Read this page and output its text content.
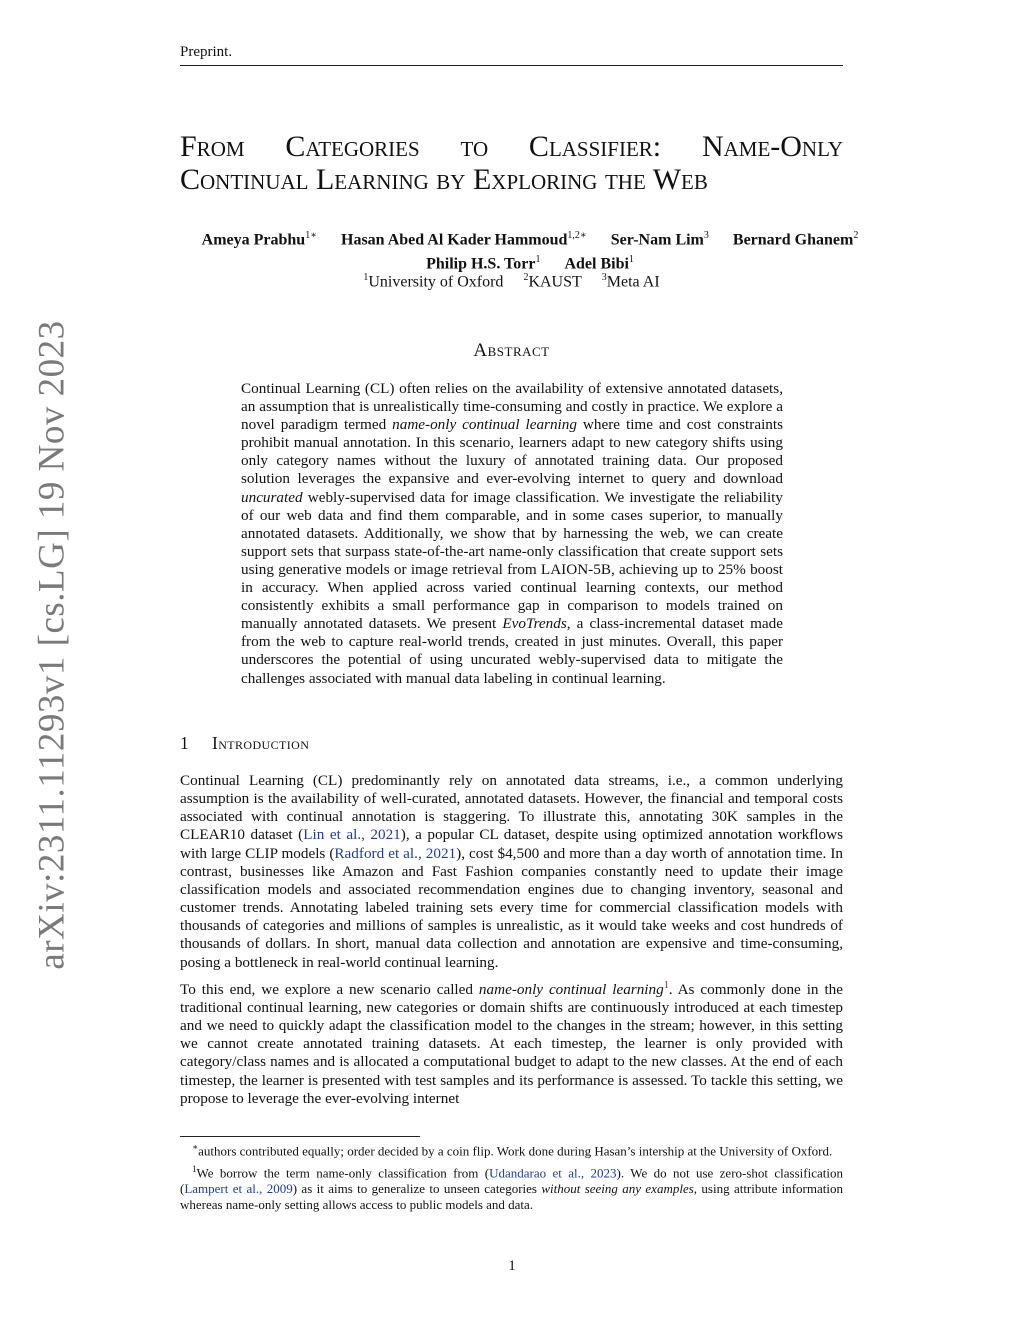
Preprint.
arXiv:2311.11293v1 [cs.LG] 19 Nov 2023
From Categories to Classifier: Name-Only
Continual Learning by Exploring the Web
Ameya Prabhu$^{1∗}$ Hasan Abed Al Kader Hammoud$^{1,2∗}$ Ser-Nam Lim$^3$ Bernard Ghanem$^2$
Philip H.S. Torr$^1$ Adel Bibi$^1$
$^1$University of Oxford $^2$KAUST $^3$Meta AI
Abstract
Continual Learning (CL) often relies on the availability of extensive annotated datasets, an assumption that is unrealistically time-consuming and costly in practice. We explore a novel paradigm termed name-only continual learning where time and cost constraints prohibit manual annotation. In this scenario, learners adapt to new category shifts using only category names without the luxury of annotated training data. Our proposed solution leverages the expansive and ever-evolving internet to query and download uncurated webly-supervised data for image classification. We investigate the reliability of our web data and find them comparable, and in some cases superior, to manually annotated datasets. Additionally, we show that by harnessing the web, we can create support sets that surpass state-of-the-art name-only classification that create support sets using generative models or image retrieval from LAION-5B, achieving up to 25% boost in accuracy. When applied across varied continual learning contexts, our method consistently exhibits a small performance gap in comparison to models trained on manually annotated datasets. We present EvoTrends, a class-incremental dataset made from the web to capture real-world trends, created in just minutes. Overall, this paper underscores the potential of using uncurated webly-supervised data to mitigate the challenges associated with manual data labeling in continual learning.
1 Introduction

Continual Learning (CL) predominantly rely on annotated data streams, i.e., a common underlying assumption is the availability of well-curated, annotated datasets. However, the financial and temporal costs associated with continual annotation is staggering. To illustrate this, annotating 30K samples in the CLEAR10 dataset (Lin et al., 2021), a popular CL dataset, despite using optimized annotation workflows with large CLIP models (Radford et al., 2021), cost $4,500 and more than a day worth of annotation time. In contrast, businesses like Amazon and Fast Fashion companies constantly need to update their image classification models and associated recommendation engines due to changing inventory, seasonal and customer trends. Annotating labeled training sets every time for commercial classification models with thousands of categories and millions of samples is unrealistic, as it would take weeks and cost hundreds of thousands of dollars. In short, manual data collection and annotation are expensive and time-consuming, posing a bottleneck in real-world continual learning.

To this end, we explore a new scenario called name-only continual learning$^1$. As commonly done in the traditional continual learning, new categories or domain shifts are continuously introduced at each timestep and we need to quickly adapt the classification model to the changes in the stream; however, in this setting we cannot create annotated training datasets. At each timestep, the learner is only provided with category/class names and is allocated a computational budget to adapt to the new classes. At the end of each timestep, the learner is presented with test samples and its performance is assessed. To tackle this setting, we propose to leverage the ever-evolving internet

∗authors contributed equally; order decided by a coin flip. Work done during Hasan’s intership at the University of Oxford.

$^1$We borrow the term name-only classification from (Udandarao et al., 2023). We do not use zero-shot classification (Lampert et al., 2009) as it aims to generalize to unseen categories without seeing any examples, using attribute information whereas name-only setting allows access to public models and data.

1
